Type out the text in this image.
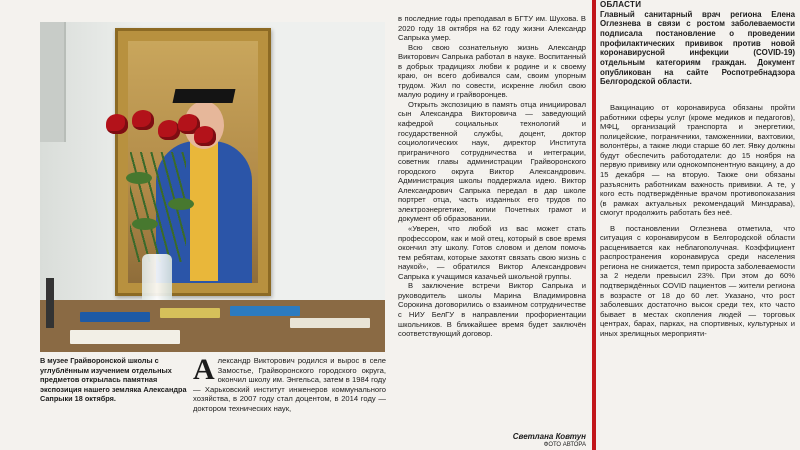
В музее Грайворонской школы с углублённым изучением отдельных предметов открылась памятная экспозиция нашего земляка Александра Сапрыки 18 октября.

Александр Викторович родился и вырос в селе Замостье, Грайворонского городского округа, окончил школу им. Энгельса, затем в 1984 году — Харьковский институт инженеров коммунального хозяйства, в 2007 году стал доцентом, в 2014 году — доктором технических наук,

в последние годы преподавал в БГТУ им. Шухова. В 2020 году 18 октября на 62 году жизни Александр Сапрыка умер.

Всю свою сознательную жизнь Александр Викторович Сапрыка работал в науке. Воспитанный в добрых традициях любви к родине и к своему краю, он всего добивался сам, своим упорным трудом. Жил по совести, искренне любил свою малую родину и грайворонцев.

Открыть экспозицию в память отца инициировал сын Александра Викторовича — заведующий кафедрой социальных технологий и государственной службы, доцент, доктор социологических наук, директор Института приграничного сотрудничества и интеграции, советник главы администрации Грайворонского городского округа Виктор Александрович. Администрация школы поддержала идею. Виктор Александрович Сапрыка передал в дар школе портрет отца, часть изданных его трудов по электроэнергетике, копии Почетных грамот и документ об образовании.

«Уверен, что любой из вас может стать профессором, как и мой отец, который в свое время окончил эту школу. Готов словом и делом помочь тем ребятам, которые захотят связать свою жизнь с наукой», — обратился Виктор Александрович Сапрыка к учащимся казачьей школьной группы.

В заключение встречи Виктор Сапрыка и руководитель школы Марина Владимировна Сорокина договорились о взаимном сотрудничестве с НИУ БелГУ в направлении профориентации школьников. В ближайшее время будет заключён соответствующий договор.

Светлана Ковтун
ФОТО АВТОРА
ОБЛАСТИ

Главный санитарный врач региона Елена Оглезнева в связи с ростом заболеваемости подписала постановление о проведении профилактических прививок против новой коронавирусной инфекции (COVID-19) отдельным категориям граждан. Документ опубликован на сайте Роспотребнадзора Белгородской области.

Вакцинацию от коронавируса обязаны пройти работники сферы услуг (кроме медиков и педагогов), МФЦ, организаций транспорта и энергетики, полицейские, пограничники, таможенники, вахтовики, волонтёры, а также люди старше 60 лет. Явку должны будут обеспечить работодатели: до 15 ноября на первую прививку или однокомпонентную вакцину, а до 15 декабря — на вторую. Также они обязаны разъяснить работникам важность прививки. А те, у кого есть подтверждённые врачом противопоказания (в рамках актуальных рекомендаций Минздрава), смогут продолжить работать без неё.

В постановлении Оглезнева отметила, что ситуация с коронавирусом в Белгородской области расценивается как неблагополучная. Коэффициент распространения коронавируса среди населения региона не снижается, темп прироста заболеваемости за 2 недели превысил 23%. При этом до 60% подтверждённых COVID пациентов — жители региона в возрасте от 18 до 60 лет. Указано, что рост заболевших достаточно высок среди тех, кто часто бывает в местах скопления людей — торговых центрах, барах, парках, на спортивных, культурных и иных зрелищных мероприяти-
